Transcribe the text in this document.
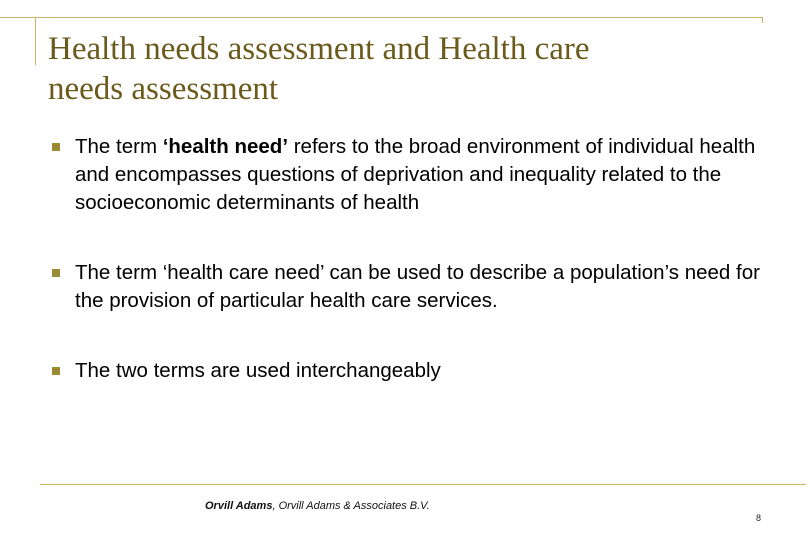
Health needs assessment and Health care
needs assessment
The term ‘health need’ refers to the broad environment of individual health and encompasses questions of deprivation and inequality related to the socioeconomic determinants of health
The term ‘health care need’ can be used to describe a population’s need for the provision of particular health care services.
The two terms are used interchangeably
Orvill Adams, Orvill Adams & Associates B.V.
8
